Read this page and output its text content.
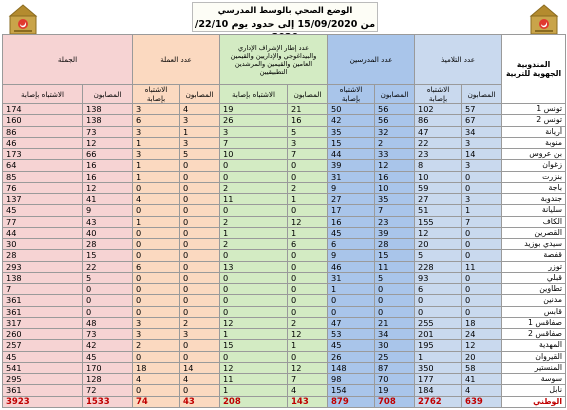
الوضع الصحي بالوسط المدرسي
من 15/09/2020 إلى حدود يوم 22/10/
المندوبية الجهوية للتربية	عدد التلاميذ		عدد المدرسين		عدد إطار الإشراف الإداري والبيداغوجي والإداريين والقيمين العامين والقيمين والمرشدين التطبيقيين		عدد العملة		الجملة	
	المصابون	الاشتباه بإصابة	المصابون	الاشتباه بإصابة	المصابون	الاشتباه بإصابة	المصابون	الاشتباه بإصابة	المصابون	الاشتباه بإصابة
تونس 1	57	102	56	50	21	19	4	3	138	174
تونس 2	67	86	56	42	16	26	3	6	138	160
أريانة	34	47	32	35	5	3	1	3	73	86
منوبة	3	22	2	15	3	7	3	1	12	46
بن عروس	14	23	33	44	7	10	5	3	66	173
زغوان	3	8	12	39	0	0	0	1	16	64
بنزرت	0	10	16	31	0	0	0	1	16	85
باجة	0	59	10	9	2	2	0	0	12	76
جندوبة	3	27	35	27	1	11	0	4	41	137
سليانة	1	51	7	17	0	0	0	0	9	45
الكاف	7	155	23	16	12	2	0	1	43	77
القصرين	0	12	39	45	1	1	0	0	40	44
سيدي بوزيد	0	20	28	6	6	2	0	0	28	30
قفصة	0	5	15	9	0	0	0	0	15	28
توزر	11	228	11	46	0	13	0	6	22	293
قبلي	0	93	5	31	0	0	0	0	5	138
تطاوين	0	6	0	1	0	0	0	0	0	7
مدنين	0	0	0	0	0	0	0	0	0	361
قابس	0	0	0	0	0	0	0	0	0	361
صفاقس 1	18	255	21	47	2	12	2	3	48	317
صفاقس 2	24	201	34	53	12	1	3	3	73	260
المهدية	12	195	30	45	1	15	0	2	42	257
القيروان	20	1	25	26	0	0	0	0	45	45
المنستير	58	350	87	148	12	12	14	18	170	541
سوسة	41	177	70	98	7	11	4	4	128	295
نابل	4	184	19	154	4	1	0	0	72	361
الوطني	639	2762	708	879	143	208	43	74	1533	3923
